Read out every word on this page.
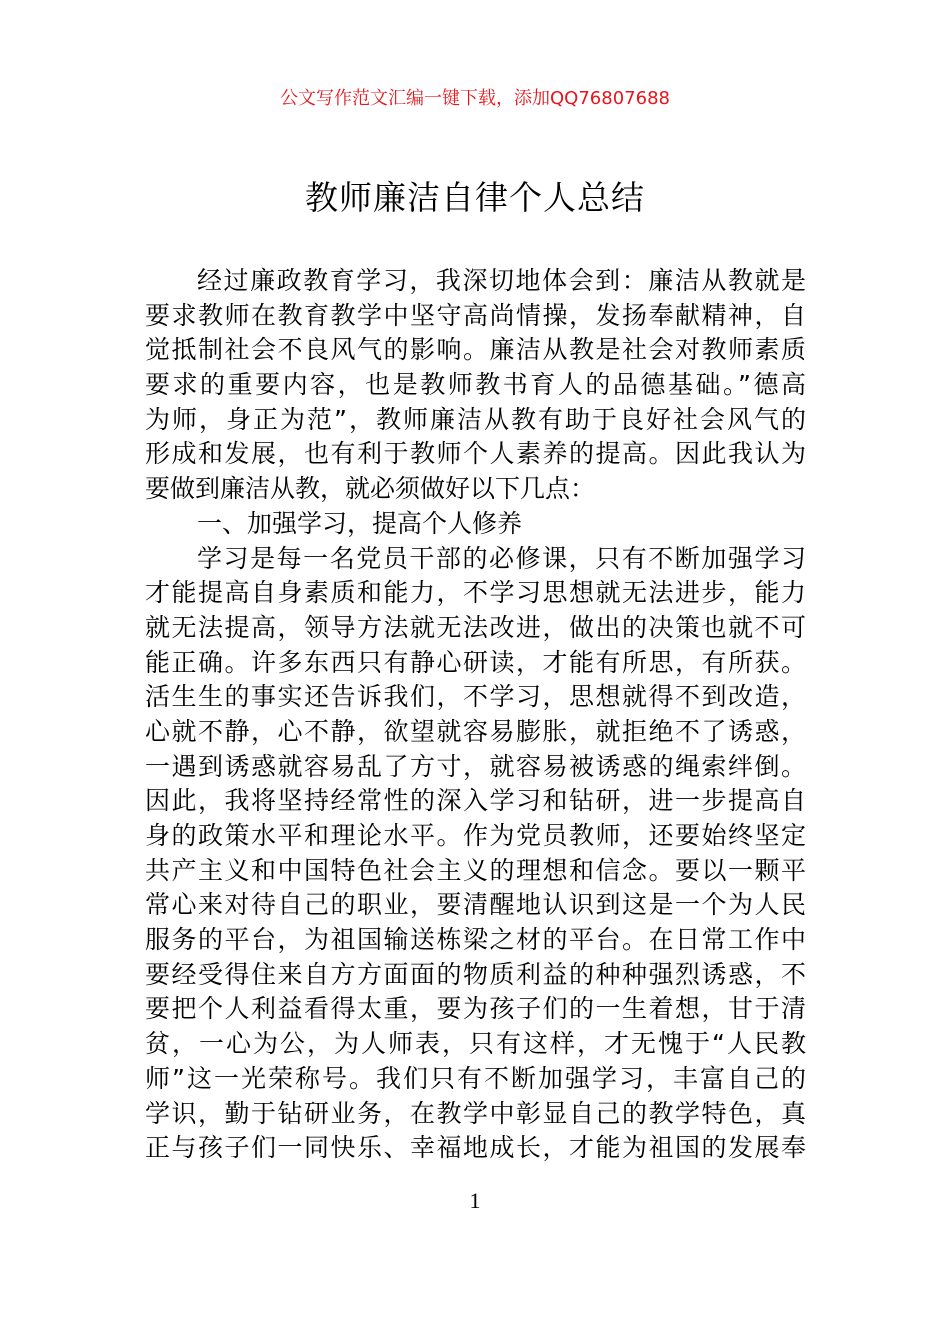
公文写作范文汇编一键下载，添加QQ76807688
教师廉洁自律个人总结
经过廉政教育学习，我深切地体会到：廉洁从教就是
要求教师在教育教学中坚守高尚情操，发扬奉献精神，自
觉抵制社会不良风气的影响。廉洁从教是社会对教师素质
要求的重要内容，也是教师教书育人的品德基础。”德高
为师，身正为范”，教师廉洁从教有助于良好社会风气的
形成和发展，也有利于教师个人素养的提高。因此我认为
要做到廉洁从教，就必须做好以下几点：
一、加强学习，提高个人修养
学习是每一名党员干部的必修课，只有不断加强学习
才能提高自身素质和能力，不学习思想就无法进步，能力
就无法提高，领导方法就无法改进，做出的决策也就不可
能正确。许多东西只有静心研读，才能有所思，有所获。
活生生的事实还告诉我们，不学习，思想就得不到改造，
心就不静，心不静，欲望就容易膨胀，就拒绝不了诱惑，
一遇到诱惑就容易乱了方寸，就容易被诱惑的绳索绊倒。
因此，我将坚持经常性的深入学习和钻研，进一步提高自
身的政策水平和理论水平。作为党员教师，还要始终坚定
共产主义和中国特色社会主义的理想和信念。要以一颗平
常心来对待自己的职业，要清醒地认识到这是一个为人民
服务的平台，为祖国输送栋梁之材的平台。在日常工作中
要经受得住来自方方面面的物质利益的种种强烈诱惑，不
要把个人利益看得太重，要为孩子们的一生着想，甘于清
贫，一心为公，为人师表，只有这样，才无愧于“人民教
师”这一光荣称号。我们只有不断加强学习，丰富自己的
学识，勤于钻研业务，在教学中彰显自己的教学特色，真
正与孩子们一同快乐、幸福地成长，才能为祖国的发展奉
1
